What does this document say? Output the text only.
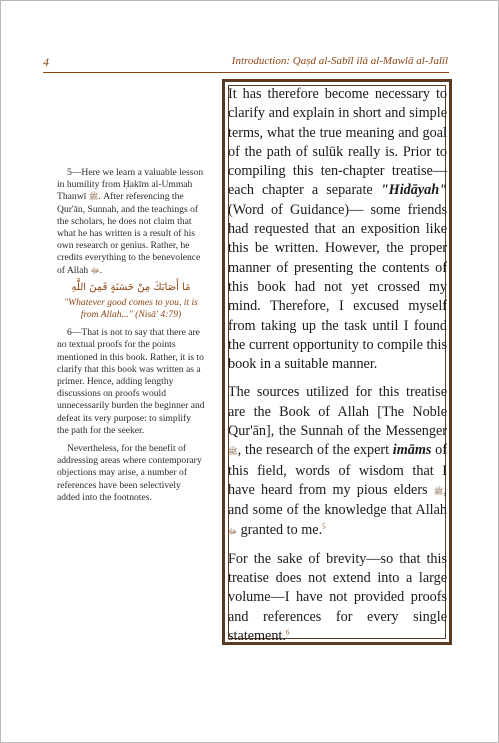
4	Introduction: Qaṣd al-Sabīl ilā al-Mawlā al-Jalīl

5—Here we learn a valuable lesson in humility from Ḥakīm al-Ummah Thanwī ﷺ. After referencing the Qur'ān, Sunnah, and the teachings of the scholars, he does not claim that what he has written is a result of his own research or genius. Rather, he credits everything to the benevolence of Allah ﷻ.

مَا أَصَابَكَ مِنْ حَسَنَةٍ فَمِنَ اللَّهِ

"Whatever good comes to you, it is from Allah..." (Nisā' 4:79)

6—That is not to say that there are no textual proofs for the points mentioned in this book. Rather, it is to clarify that this book was written as a primer. Hence, adding lengthy discussions on proofs would unnecessarily burden the beginner and defeat its very purpose: to simplify the path for the seeker.

Nevertheless, for the benefit of addressing areas where contemporary objections may arise, a number of references have been selectively added into the footnotes.

It has therefore become necessary to clarify and explain in short and simple terms, what the true meaning and goal of the path of sulūk really is. Prior to compiling this ten-chapter treatise—each chapter a separate "Hidāyah" (Word of Guidance)— some friends had requested that an exposition like this be written. However, the proper manner of presenting the contents of this book had not yet crossed my mind. Therefore, I excused myself from taking up the task until I found the current opportunity to compile this book in a suitable manner.

The sources utilized for this treatise are the Book of Allah [The Noble Qur'ān], the Sunnah of the Messenger ﷺ, the research of the expert imāms of this field, words of wisdom that I have heard from my pious elders ﷺ, and some of the knowledge that Allah ﷻ granted to me.$^5$

For the sake of brevity—so that this treatise does not extend into a large volume—I have not provided proofs and references for every single statement.$^6$
